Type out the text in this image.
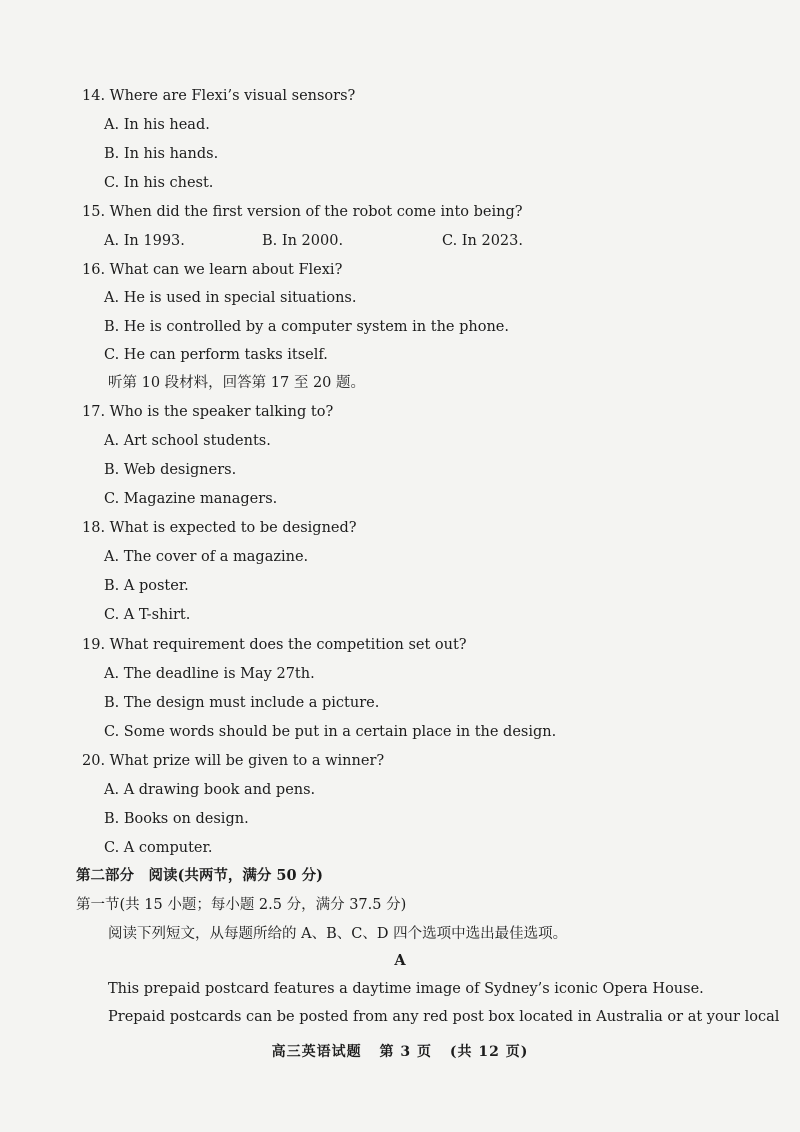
14. Where are Flexi’s visual sensors?
A. In his head.
B. In his hands.
C. In his chest.
15. When did the first version of the robot come into being?
A. In 1993.	B. In 2000.	C. In 2023.
16. What can we learn about Flexi?
A. He is used in special situations.
B. He is controlled by a computer system in the phone.
C. He can perform tasks itself.
听第 10 段材料，回答第 17 至 20 题。
17. Who is the speaker talking to?
A. Art school students.
B. Web designers.
C. Magazine managers.
18. What is expected to be designed?
A. The cover of a magazine.
B. A poster.
C. A T-shirt.
19. What requirement does the competition set out?
A. The deadline is May 27th.
B. The design must include a picture.
C. Some words should be put in a certain place in the design.
20. What prize will be given to a winner?
A. A drawing book and pens.
B. Books on design.
C. A computer.
第二部分　阅读(共两节，满分 50 分)
第一节(共 15 小题；每小题 2.5 分，满分 37.5 分)
阅读下列短文，从每题所给的 A、B、C、D 四个选项中选出最佳选项。
A
This prepaid postcard features a daytime image of Sydney’s iconic Opera House.
Prepaid postcards can be posted from any red post box located in Australia or at your local
高三英语试题 第 3 页 (共 12 页)
